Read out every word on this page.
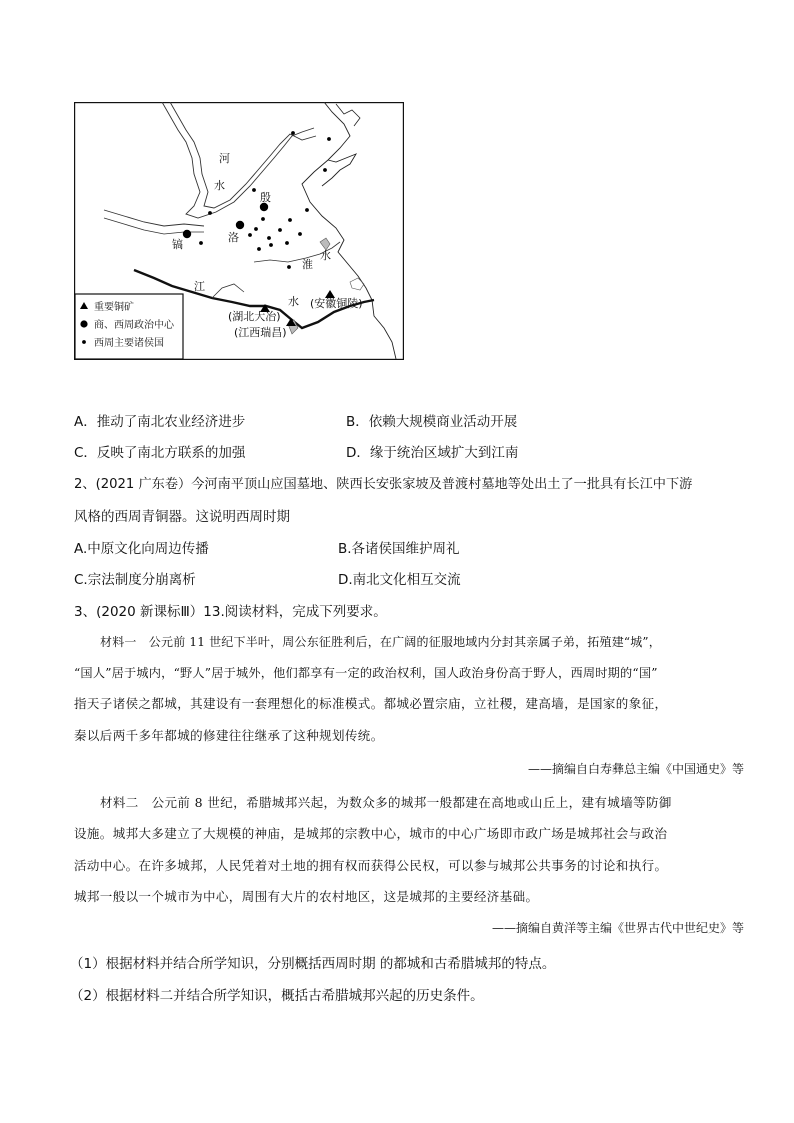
河
水
殷
洛
镐
淮
水
江
水 (安徽铜陵)
(湖北大冶)
(江西瑞昌)
重要铜矿
商、西周政治中心
西周主要诸侯国
A．推动了南北农业经济进步	B．依赖大规模商业活动开展
C．反映了南北方联系的加强	D．缘于统治区域扩大到江南
2、(2021 广东卷）今河南平顶山应国墓地、陕西长安张家坡及普渡村墓地等处出土了一批具有长江中下游
风格的西周青铜器。这说明西周时期
A.中原文化向周边传播	B.各诸侯国维护周礼
C.宗法制度分崩离析	D.南北文化相互交流
3、(2020 新课标Ⅲ）13.阅读材料，完成下列要求。
材料一　公元前 11 世纪下半叶，周公东征胜利后，在广阔的征服地域内分封其亲属子弟，拓殖建“城”，
“国人”居于城内，“野人”居于城外，他们都享有一定的政治权利，国人政治身份高于野人，西周时期的“国”
指天子诸侯之都城，其建设有一套理想化的标准模式。都城必置宗庙，立社稷，建高墙，是国家的象征，
秦以后两千多年都城的修建往往继承了这种规划传统。
——摘编自白寿彝总主编《中国通史》等
材料二　公元前 8 世纪，希腊城邦兴起，为数众多的城邦一般都建在高地或山丘上，建有城墙等防御
设施。城邦大多建立了大规模的神庙，是城邦的宗教中心，城市的中心广场即市政广场是城邦社会与政治
活动中心。在许多城邦，人民凭着对土地的拥有权而获得公民权，可以参与城邦公共事务的讨论和执行。
城邦一般以一个城市为中心，周围有大片的农村地区，这是城邦的主要经济基础。
——摘编自黄洋等主编《世界古代中世纪史》等
（1）根据材料并结合所学知识，分别概括西周时期 的都城和古希腊城邦的特点。
（2）根据材料二并结合所学知识，概括古希腊城邦兴起的历史条件。
